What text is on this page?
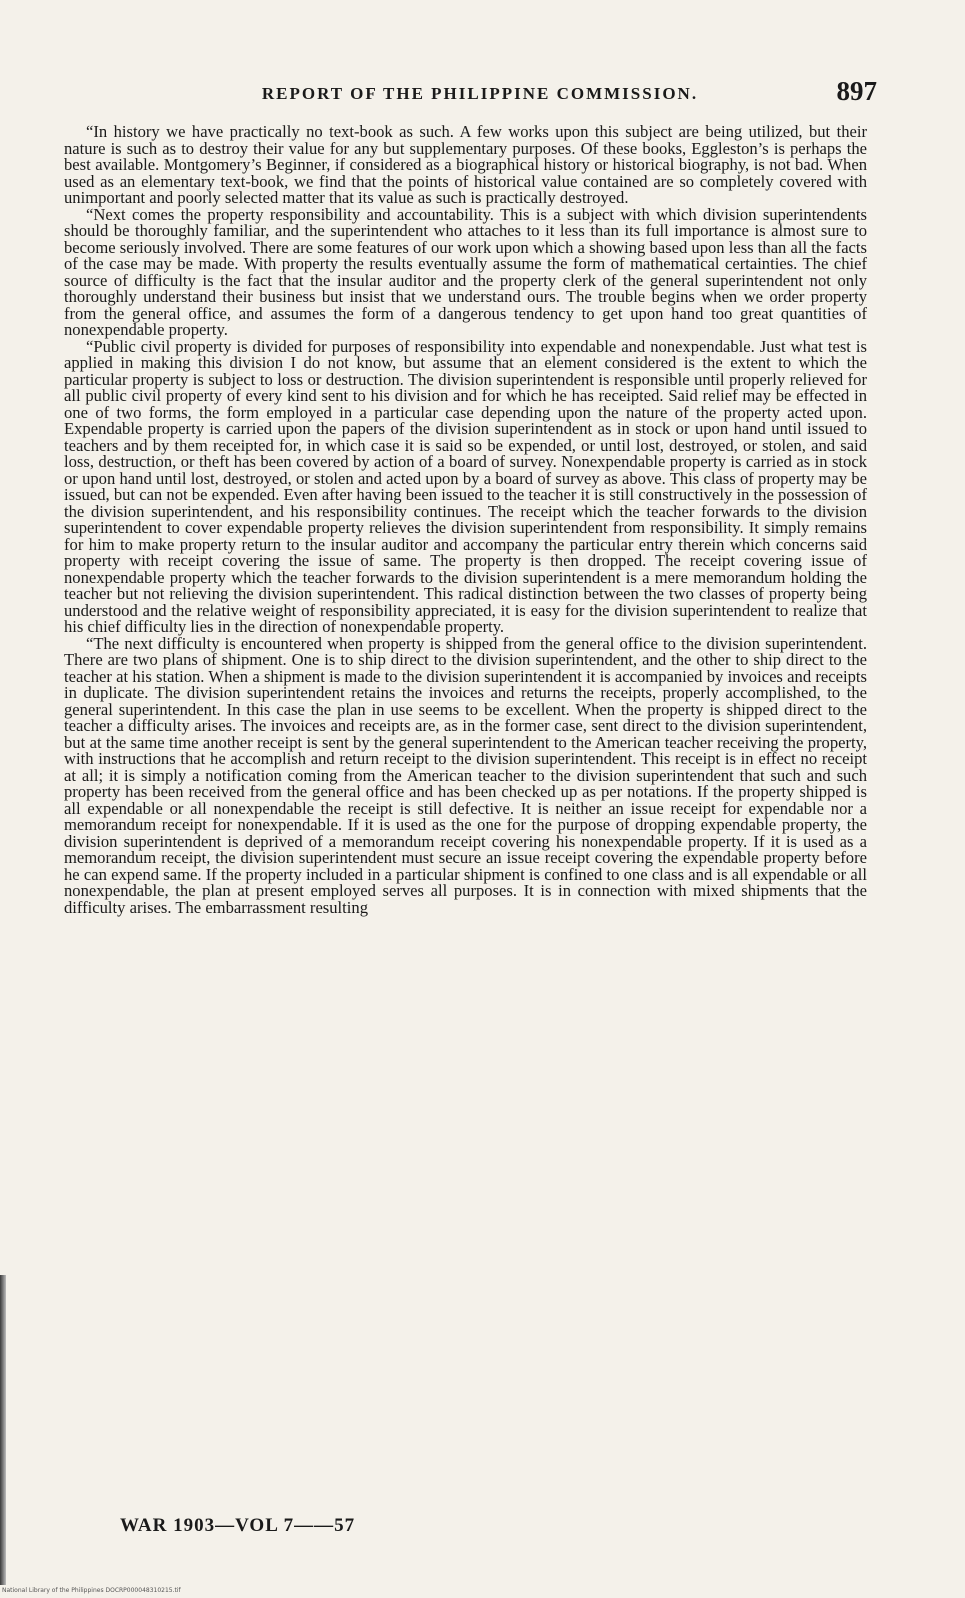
REPORT OF THE PHILIPPINE COMMISSION.	897

“In history we have practically no text-book as such. A few works upon this subject are being utilized, but their nature is such as to destroy their value for any but supplementary purposes. Of these books, Eggleston’s is perhaps the best available. Montgomery’s Beginner, if considered as a biographical history or historical biography, is not bad. When used as an elementary text-book, we find that the points of historical value contained are so completely covered with unimportant and poorly selected matter that its value as such is practically destroyed.

“Next comes the property responsibility and accountability. This is a subject with which division superintendents should be thoroughly familiar, and the superintendent who attaches to it less than its full importance is almost sure to become seriously involved. There are some features of our work upon which a showing based upon less than all the facts of the case may be made. With property the results eventually assume the form of mathematical certainties. The chief source of difficulty is the fact that the insular auditor and the property clerk of the general superintendent not only thoroughly understand their business but insist that we understand ours. The trouble begins when we order property from the general office, and assumes the form of a dangerous tendency to get upon hand too great quantities of nonexpendable property.

“Public civil property is divided for purposes of responsibility into expendable and nonexpendable. Just what test is applied in making this division I do not know, but assume that an element considered is the extent to which the particular property is subject to loss or destruction. The division superintendent is responsible until properly relieved for all public civil property of every kind sent to his division and for which he has receipted. Said relief may be effected in one of two forms, the form employed in a particular case depending upon the nature of the property acted upon. Expendable property is carried upon the papers of the division superintendent as in stock or upon hand until issued to teachers and by them receipted for, in which case it is said so be expended, or until lost, destroyed, or stolen, and said loss, destruction, or theft has been covered by action of a board of survey. Nonexpendable property is carried as in stock or upon hand until lost, destroyed, or stolen and acted upon by a board of survey as above. This class of property may be issued, but can not be expended. Even after having been issued to the teacher it is still constructively in the possession of the division superintendent, and his responsibility continues. The receipt which the teacher forwards to the division superintendent to cover expendable property relieves the division superintendent from responsibility. It simply remains for him to make property return to the insular auditor and accompany the particular entry therein which concerns said property with receipt covering the issue of same. The property is then dropped. The receipt covering issue of nonexpendable property which the teacher forwards to the division superintendent is a mere memorandum holding the teacher but not relieving the division superintendent. This radical distinction between the two classes of property being understood and the relative weight of responsibility appreciated, it is easy for the division superintendent to realize that his chief difficulty lies in the direction of nonexpendable property.

“The next difficulty is encountered when property is shipped from the general office to the division superintendent. There are two plans of shipment. One is to ship direct to the division superintendent, and the other to ship direct to the teacher at his station. When a shipment is made to the division superintendent it is accompanied by invoices and receipts in duplicate. The division superintendent retains the invoices and returns the receipts, properly accomplished, to the general superintendent. In this case the plan in use seems to be excellent. When the property is shipped direct to the teacher a difficulty arises. The invoices and receipts are, as in the former case, sent direct to the division superintendent, but at the same time another receipt is sent by the general superintendent to the American teacher receiving the property, with instructions that he accomplish and return receipt to the division superintendent. This receipt is in effect no receipt at all; it is simply a notification coming from the American teacher to the division superintendent that such and such property has been received from the general office and has been checked up as per notations. If the property shipped is all expendable or all nonexpendable the receipt is still defective. It is neither an issue receipt for expendable nor a memorandum receipt for nonexpendable. If it is used as the one for the purpose of dropping expendable property, the division superintendent is deprived of a memorandum receipt covering his nonexpendable property. If it is used as a memorandum receipt, the division superintendent must secure an issue receipt covering the expendable property before he can expend same. If the property included in a particular shipment is confined to one class and is all expendable or all nonexpendable, the plan at present employed serves all purposes. It is in connection with mixed shipments that the difficulty arises. The embarrassment resulting

WAR 1903—VOL 7——57
National Library of the Philippines DOCRP000048310215.tif
